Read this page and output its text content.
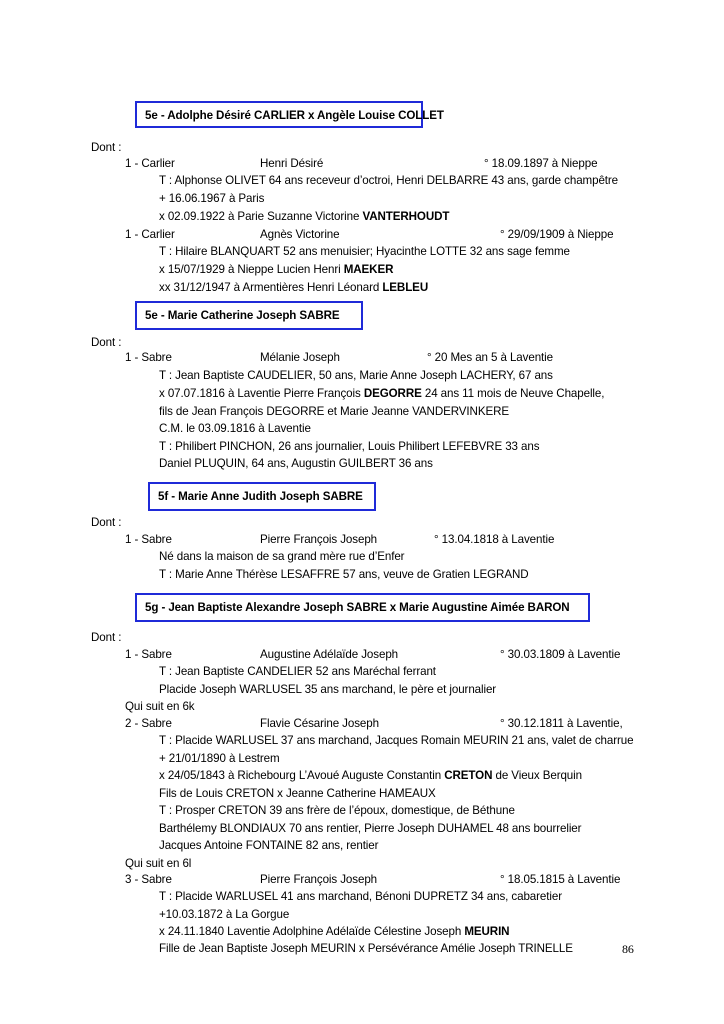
5e - Adolphe Désiré CARLIER x Angèle Louise COLLET
Dont :
1 - Carlier	Henri Désiré	° 18.09.1897 à Nieppe
T : Alphonse OLIVET 64 ans receveur d’octroi, Henri DELBARRE 43 ans, garde champêtre
+ 16.06.1967 à Paris
x 02.09.1922 à Parie Suzanne Victorine VANTERHOUDT
1 - Carlier	Agnès Victorine	° 29/09/1909 à Nieppe
T : Hilaire BLANQUART 52 ans menuisier; Hyacinthe LOTTE 32 ans sage femme
x 15/07/1929 à Nieppe Lucien Henri MAEKER
xx 31/12/1947 à Armentières Henri Léonard LEBLEU
5e - Marie Catherine Joseph SABRE
Dont :
1 - Sabre	Mélanie Joseph	° 20 Mes an 5 à Laventie
T : Jean Baptiste CAUDELIER, 50 ans, Marie Anne Joseph LACHERY, 67 ans
x 07.07.1816 à Laventie Pierre François DEGORRE 24 ans 11 mois de Neuve Chapelle,
fils de Jean François DEGORRE et Marie Jeanne VANDERVINKERE
C.M. le 03.09.1816 à Laventie
T : Philibert PINCHON, 26 ans journalier, Louis Philibert LEFEBVRE 33 ans
Daniel PLUQUIN, 64 ans, Augustin GUILBERT 36 ans
5f - Marie Anne Judith Joseph SABRE
Dont :
1 - Sabre	Pierre François Joseph	° 13.04.1818 à Laventie
Né dans la maison de sa grand mère rue d’Enfer
T : Marie Anne Thérèse LESAFFRE 57 ans, veuve de Gratien LEGRAND
5g - Jean Baptiste Alexandre Joseph SABRE x Marie Augustine Aimée BARON
Dont :
1 - Sabre	Augustine Adélaïde Joseph	° 30.03.1809 à Laventie
T : Jean Baptiste CANDELIER 52 ans Maréchal ferrant
Placide Joseph WARLUSEL 35 ans marchand, le père et journalier
Qui suit en 6k
2 - Sabre	Flavie Césarine Joseph	° 30.12.1811 à Laventie,
T : Placide WARLUSEL 37 ans marchand, Jacques Romain MEURIN 21 ans, valet de charrue
+ 21/01/1890 à Lestrem
x 24/05/1843 à Richebourg L’Avoué Auguste Constantin CRETON de Vieux Berquin
Fils de Louis CRETON x Jeanne Catherine HAMEAUX
T : Prosper CRETON 39 ans frère de l’époux, domestique, de Béthune
Barthélemy BLONDIAUX 70 ans rentier, Pierre Joseph DUHAMEL 48 ans bourrelier
Jacques Antoine FONTAINE 82 ans, rentier
Qui suit en 6l
3 - Sabre	Pierre François Joseph	° 18.05.1815 à Laventie
T : Placide WARLUSEL 41 ans marchand, Bénoni DUPRETZ 34 ans, cabaretier
+10.03.1872 à La Gorgue
x 24.11.1840 Laventie Adolphine Adélaïde Célestine Joseph MEURIN
Fille de Jean Baptiste Joseph MEURIN x Persévérance Amélie Joseph TRINELLE	86
